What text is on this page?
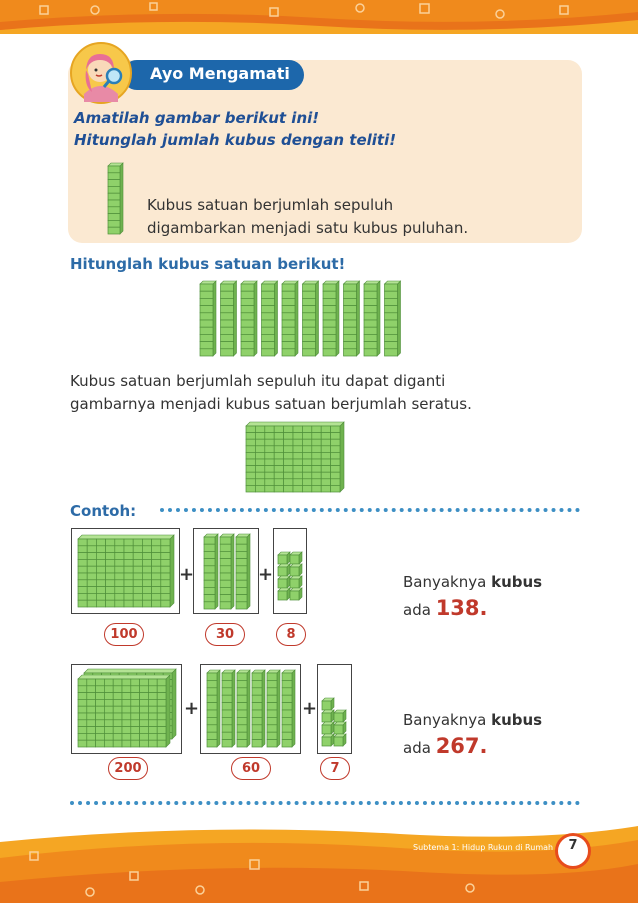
Ayo Mengamati
Amatilah gambar berikut ini!
Hitunglah jumlah kubus dengan teliti!
Kubus satuan berjumlah sepuluh
digambarkan menjadi satu kubus puluhan.
Hitunglah kubus satuan berikut!
Kubus satuan berjumlah sepuluh itu dapat diganti
gambarnya menjadi kubus satuan berjumlah seratus.
Contoh:
+	+
100	30	8
Banyaknya kubus
ada 138.
+	+
200	60	7
Banyaknya kubus
ada 267.
Subtema 1: Hidup Rukun di Rumah	7
